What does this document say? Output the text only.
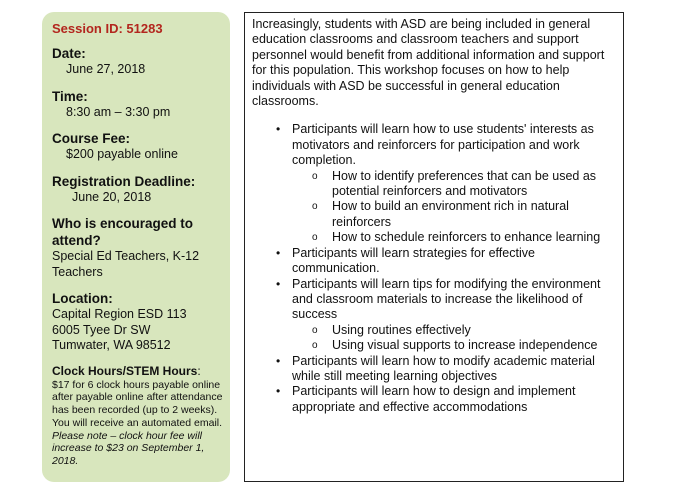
Session ID: 51283
Date:
June 27, 2018
Time:
8:30 am – 3:30 pm
Course Fee:
$200 payable online
Registration Deadline:
June 20, 2018
Who is encouraged to attend?
Special Ed Teachers, K-12 Teachers
Location:
Capital Region ESD 113
6005 Tyee Dr SW
Tumwater, WA 98512
Clock Hours/STEM Hours:
$17 for 6 clock hours payable online after payable online after attendance has been recorded (up to 2 weeks). You will receive an automated email.
Please note – clock hour fee will increase to $23 on September 1, 2018.
Increasingly, students with ASD are being included in general education classrooms and classroom teachers and support personnel would benefit from additional information and support for this population. This workshop focuses on how to help individuals with ASD be successful in general education classrooms.
• Participants will learn how to use students' interests as motivators and reinforcers for participation and work completion.
o How to identify preferences that can be used as potential reinforcers and motivators
o How to build an environment rich in natural reinforcers
o How to schedule reinforcers to enhance learning
• Participants will learn strategies for effective communication.
• Participants will learn tips for modifying the environment and classroom materials to increase the likelihood of success
o Using routines effectively
o Using visual supports to increase independence
• Participants will learn how to modify academic material while still meeting learning objectives
• Participants will learn how to design and implement appropriate and effective accommodations
